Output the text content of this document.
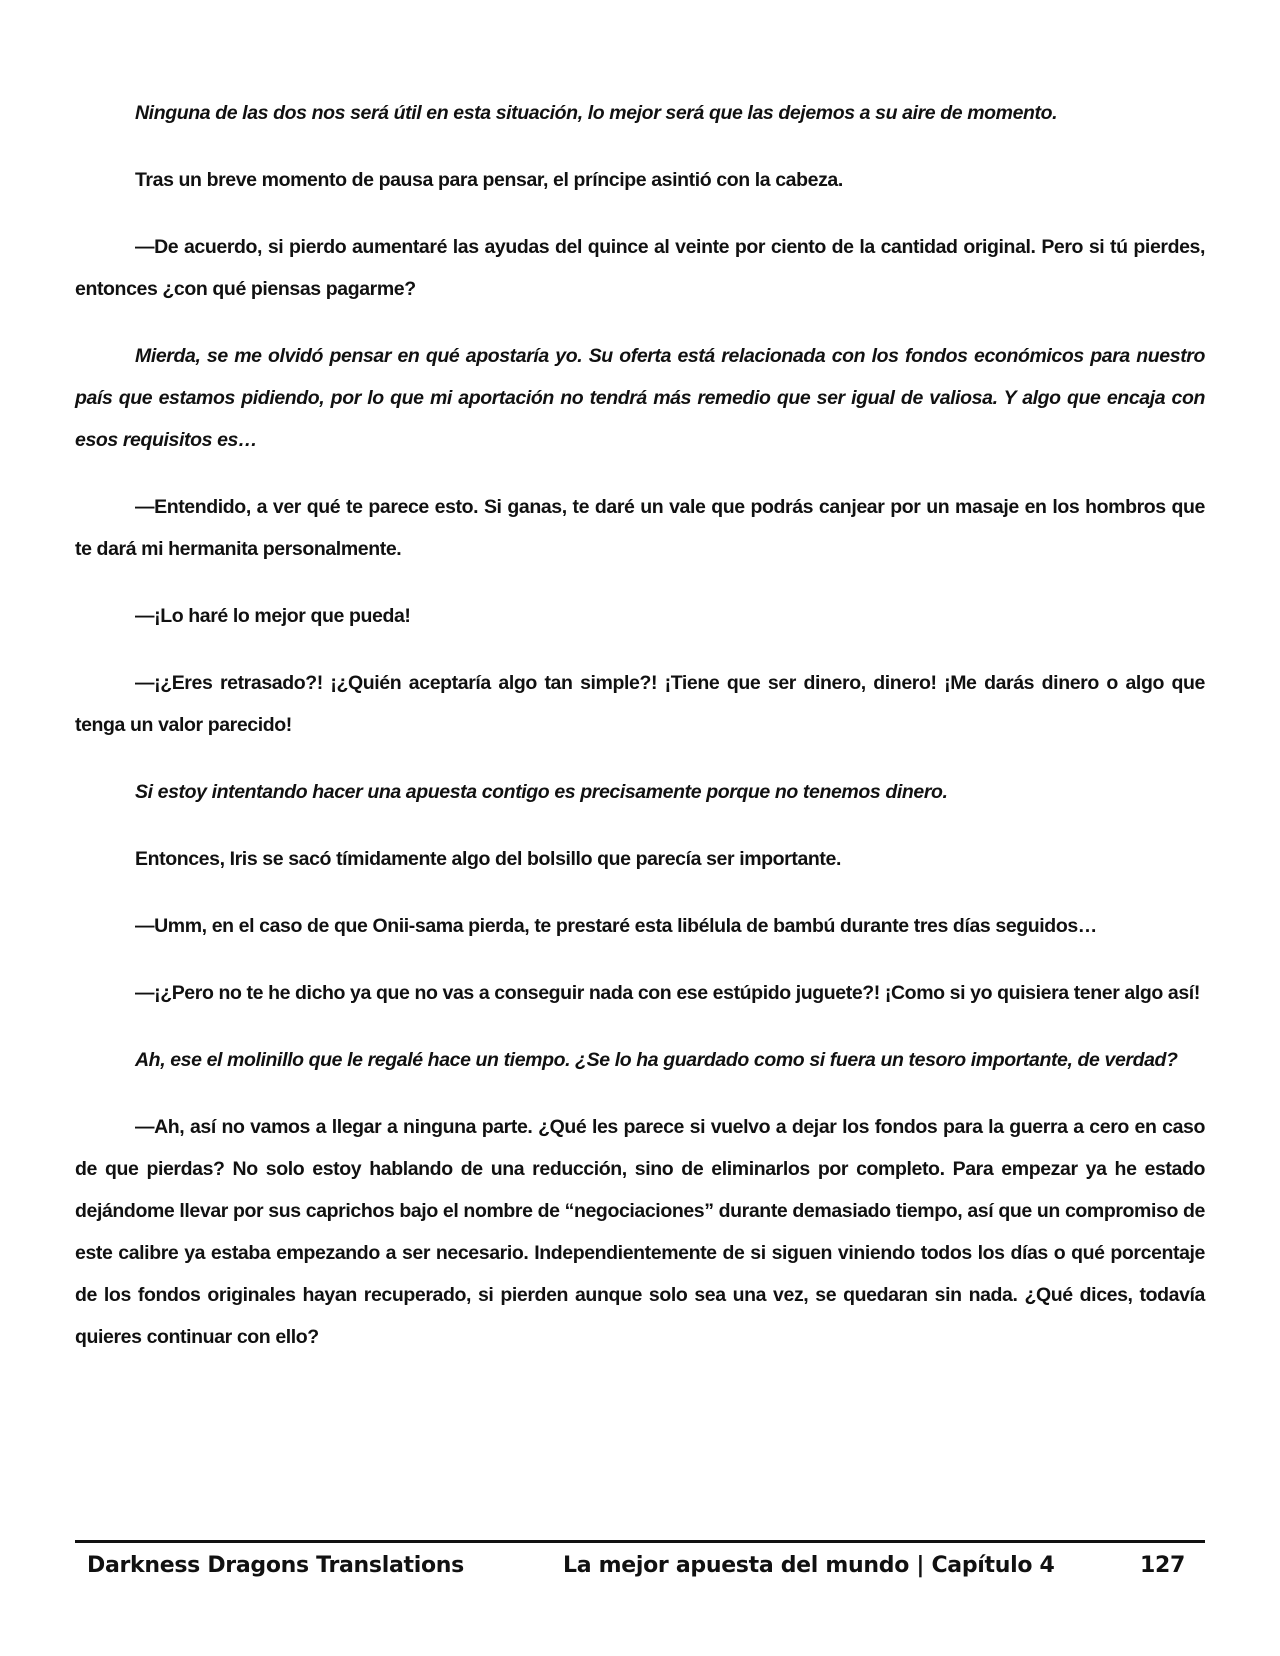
Ninguna de las dos nos será útil en esta situación, lo mejor será que las dejemos a su aire de momento.

Tras un breve momento de pausa para pensar, el príncipe asintió con la cabeza.

—De acuerdo, si pierdo aumentaré las ayudas del quince al veinte por ciento de la cantidad original. Pero si tú pierdes, entonces ¿con qué piensas pagarme?

Mierda, se me olvidó pensar en qué apostaría yo. Su oferta está relacionada con los fondos económicos para nuestro país que estamos pidiendo, por lo que mi aportación no tendrá más remedio que ser igual de valiosa. Y algo que encaja con esos requisitos es…

—Entendido, a ver qué te parece esto. Si ganas, te daré un vale que podrás canjear por un masaje en los hombros que te dará mi hermanita personalmente.

—¡Lo haré lo mejor que pueda!

—¡¿Eres retrasado?! ¡¿Quién aceptaría algo tan simple?! ¡Tiene que ser dinero, dinero! ¡Me darás dinero o algo que tenga un valor parecido!

Si estoy intentando hacer una apuesta contigo es precisamente porque no tenemos dinero.

Entonces, Iris se sacó tímidamente algo del bolsillo que parecía ser importante.

—Umm, en el caso de que Onii-sama pierda, te prestaré esta libélula de bambú durante tres días seguidos…

—¡¿Pero no te he dicho ya que no vas a conseguir nada con ese estúpido juguete?! ¡Como si yo quisiera tener algo así!

Ah, ese el molinillo que le regalé hace un tiempo. ¿Se lo ha guardado como si fuera un tesoro importante, de verdad?

—Ah, así no vamos a llegar a ninguna parte. ¿Qué les parece si vuelvo a dejar los fondos para la guerra a cero en caso de que pierdas? No solo estoy hablando de una reducción, sino de eliminarlos por completo. Para empezar ya he estado dejándome llevar por sus caprichos bajo el nombre de “negociaciones” durante demasiado tiempo, así que un compromiso de este calibre ya estaba empezando a ser necesario. Independientemente de si siguen viniendo todos los días o qué porcentaje de los fondos originales hayan recuperado, si pierden aunque solo sea una vez, se quedaran sin nada. ¿Qué dices, todavía quieres continuar con ello?

Darkness Dragons Translations	La mejor apuesta del mundo | Capítulo 4	127
